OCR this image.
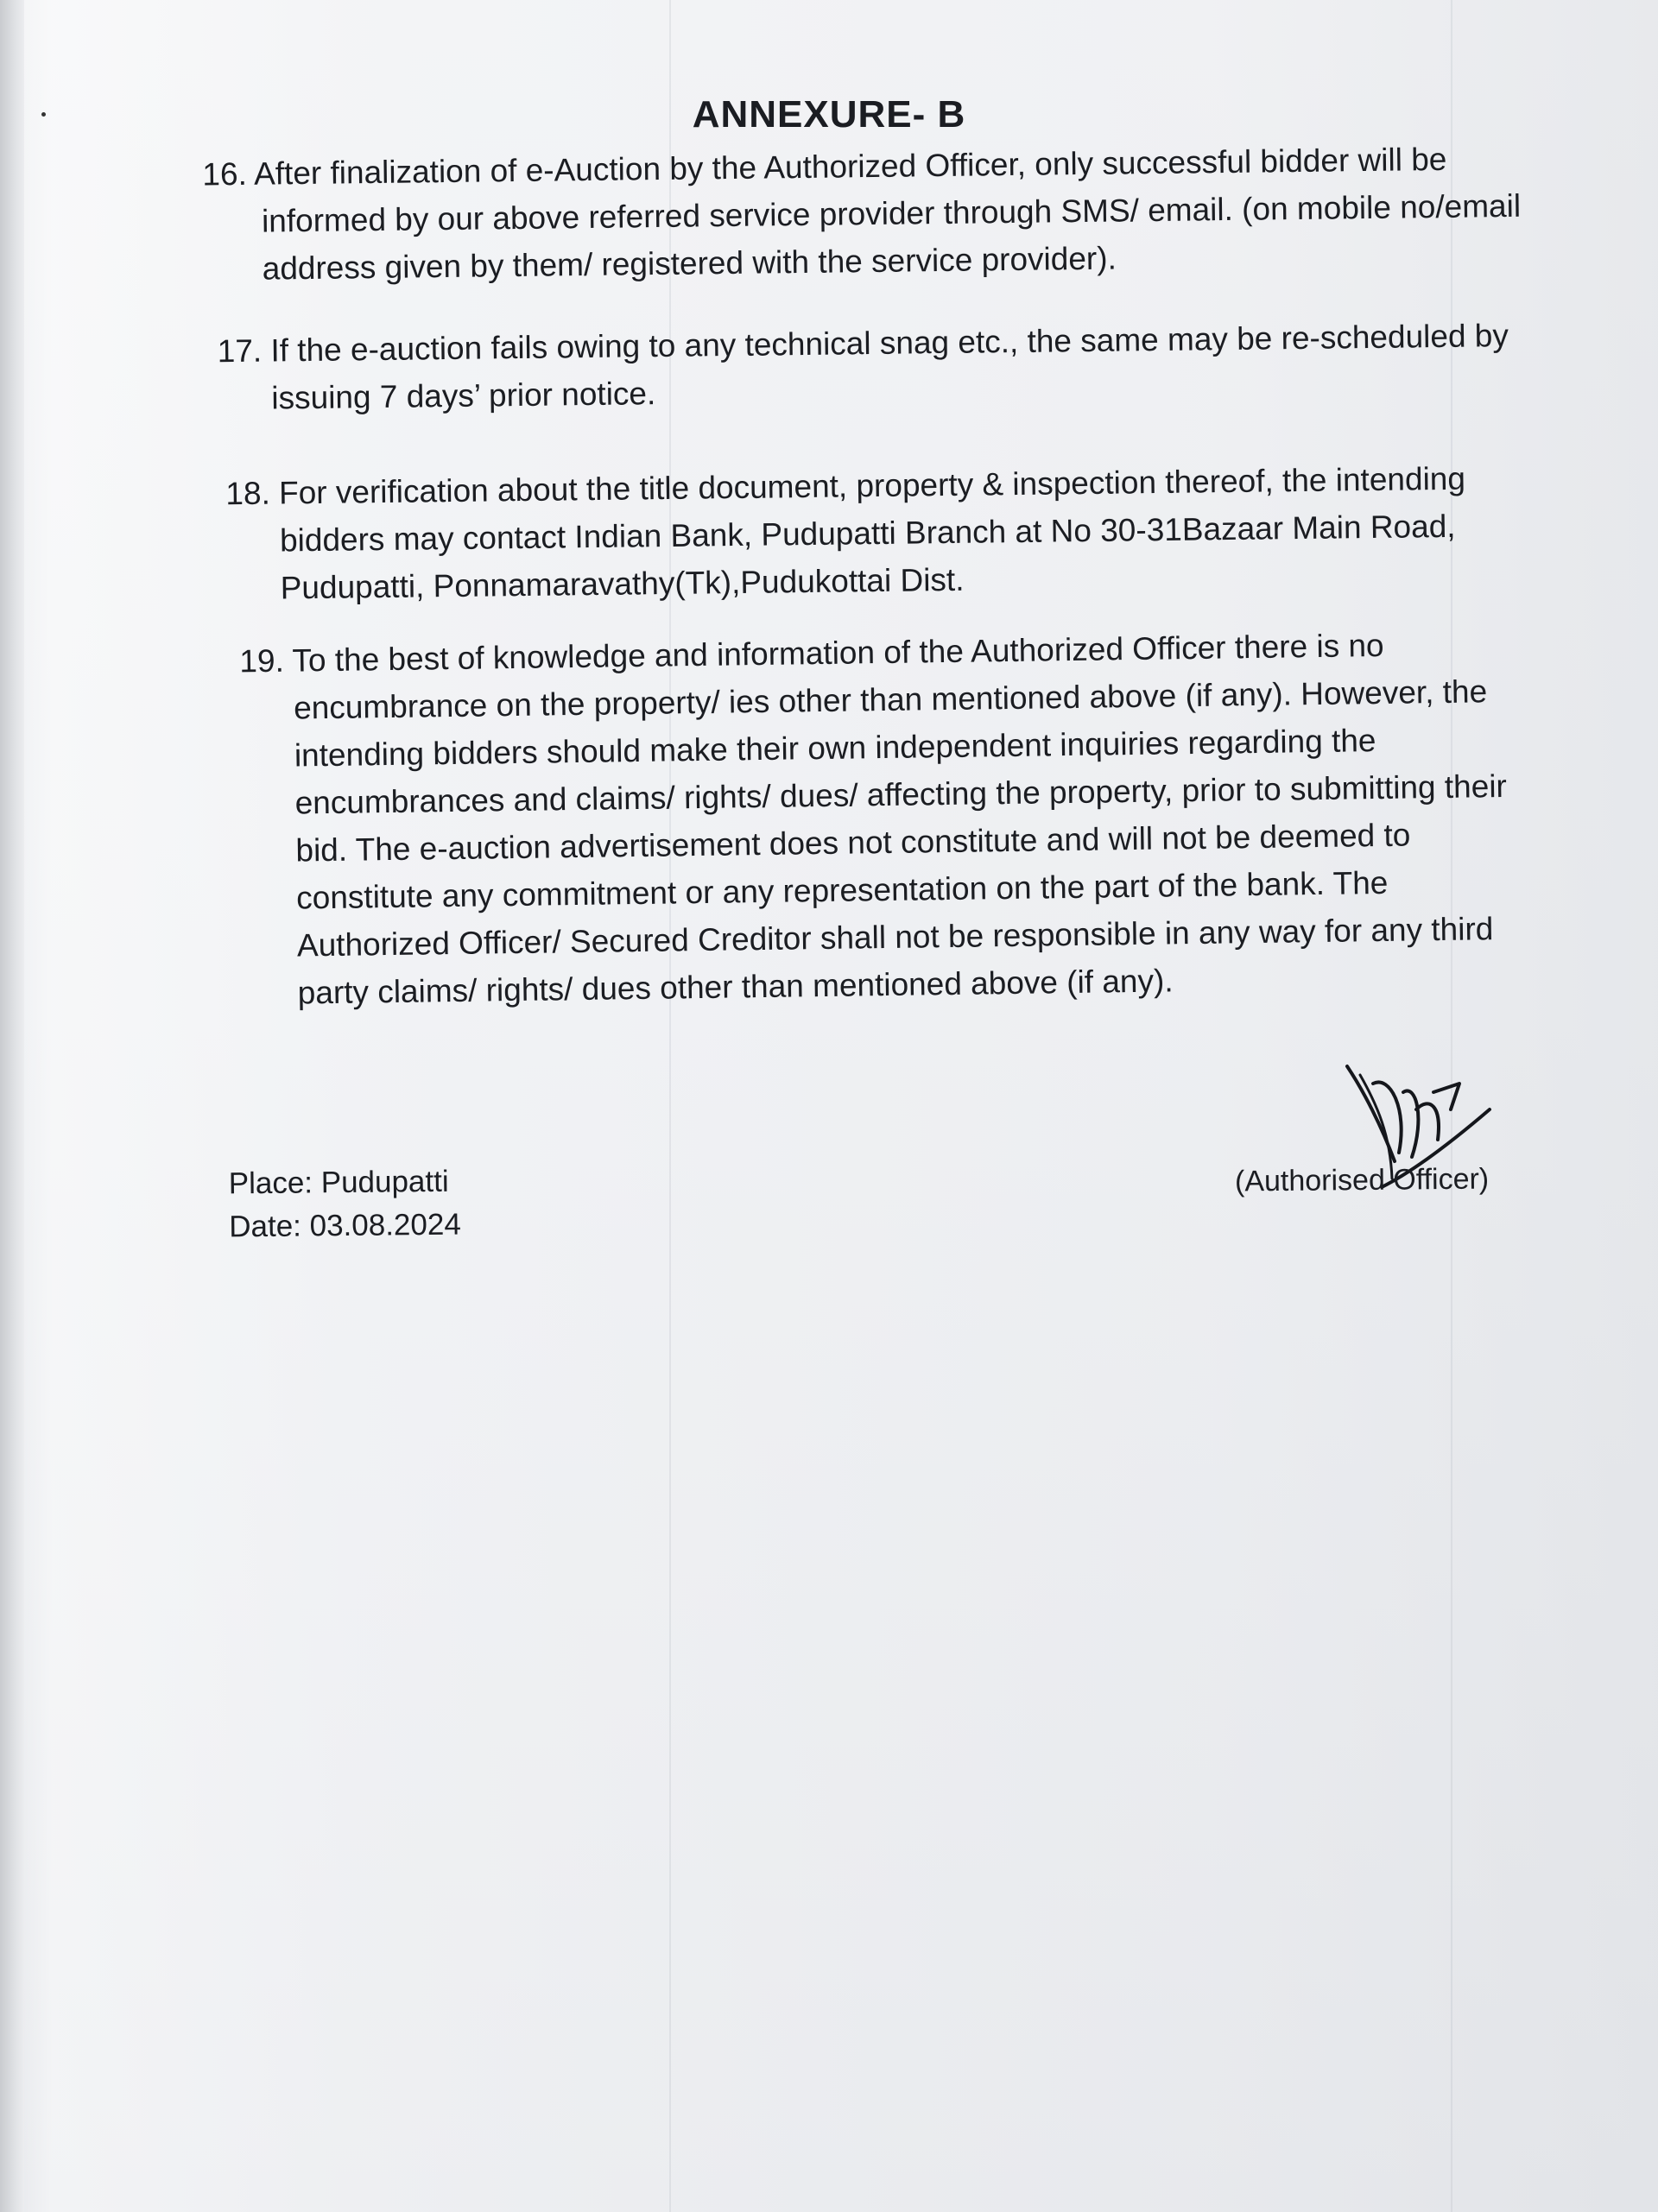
ANNEXURE- B
16. After finalization of e-Auction by the Authorized Officer, only successful bidder will be informed by our above referred service provider through SMS/ email. (on mobile no/email address given by them/ registered with the service provider).
17. If the e-auction fails owing to any technical snag etc., the same may be re-scheduled by issuing 7 days’ prior notice.
18. For verification about the title document, property & inspection thereof, the intending bidders may contact Indian Bank, Pudupatti Branch at No 30-31Bazaar Main Road, Pudupatti, Ponnamaravathy(Tk),Pudukottai Dist.
19. To the best of knowledge and information of the Authorized Officer there is no encumbrance on the property/ ies other than mentioned above (if any). However, the intending bidders should make their own independent inquiries regarding the encumbrances and claims/ rights/ dues/ affecting the property, prior to submitting their bid. The e-auction advertisement does not constitute and will not be deemed to constitute any commitment or any representation on the part of the bank. The Authorized Officer/ Secured Creditor shall not be responsible in any way for any third party claims/ rights/ dues other than mentioned above (if any).
Place: Pudupatti
Date: 03.08.2024
(Authorised Officer)
